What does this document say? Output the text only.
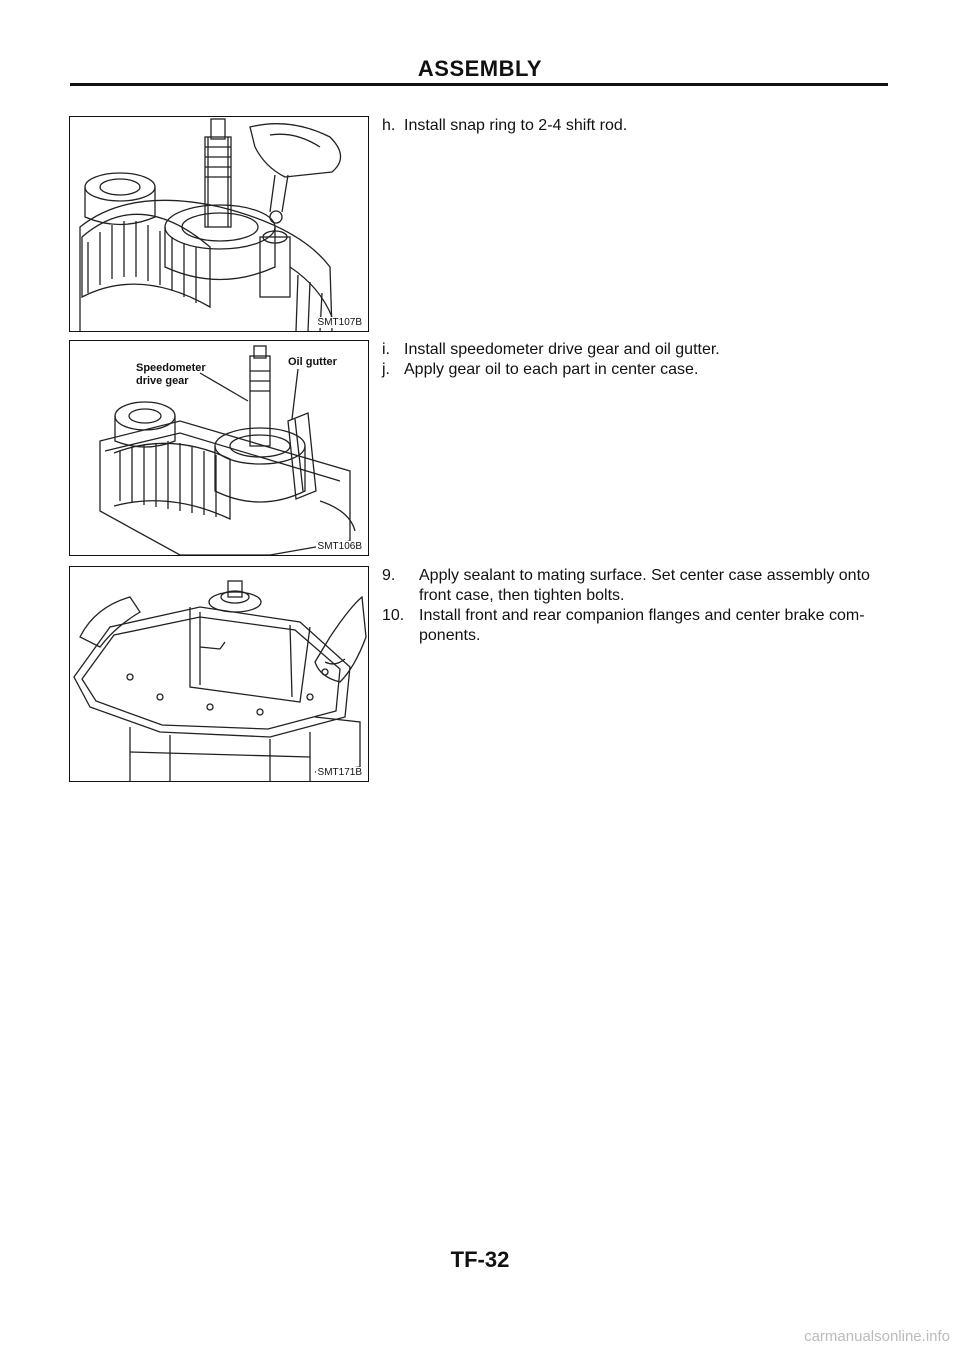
ASSEMBLY
SMT107B
Speedometer
drive gear
Oil gutter
SMT106B
SMT171B
h. Install snap ring to 2-4 shift rod.
i. Install speedometer drive gear and oil gutter.
j. Apply gear oil to each part in center case.
9.	Apply sealant to mating surface. Set center case assembly onto front case, then tighten bolts.
10. Install front and rear companion flanges and center brake com-ponents.
TF-32
carmanualsonline.info
